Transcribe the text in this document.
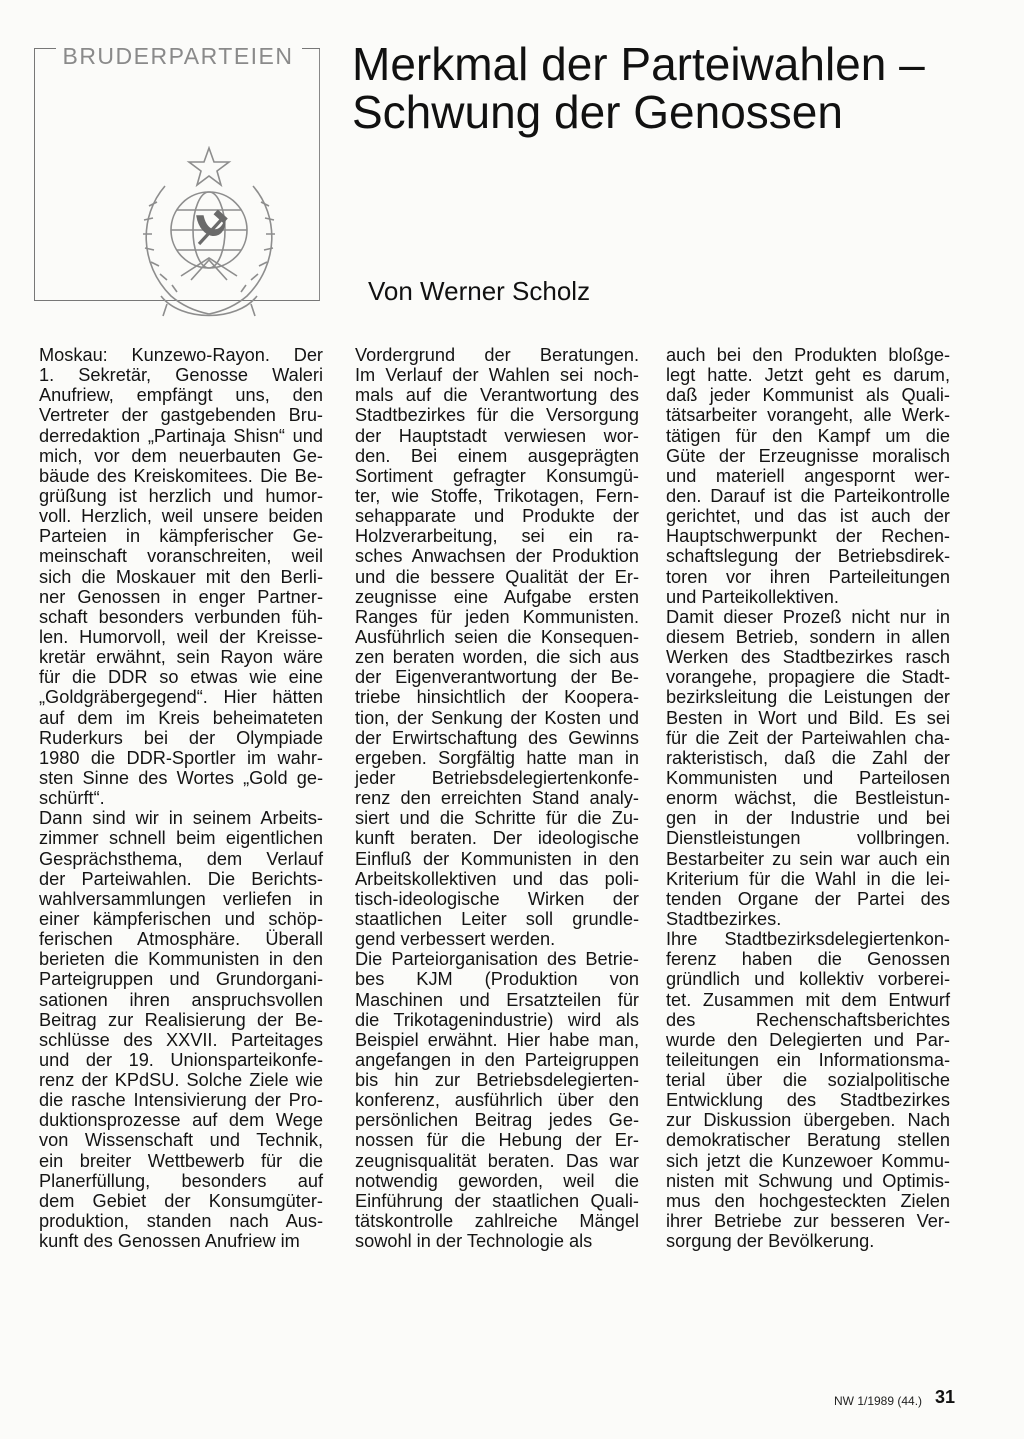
BRUDERPARTEIEN Merkmal der Parteiwahlen –
Schwung der Genossen
Von Werner Scholz
Moskau: Kunzewo-Rayon. Der
1. Sekretär, Genosse Waleri
Anufriew, empfängt uns, den
Vertreter der gastgebenden Bru-
derredaktion „Partinaja Shisn“ und
mich, vor dem neuerbauten Ge-
bäude des Kreiskomitees. Die Be-
grüßung ist herzlich und humor-
voll. Herzlich, weil unsere beiden
Parteien in kämpferischer Ge-
meinschaft voranschreiten, weil
sich die Moskauer mit den Berli-
ner Genossen in enger Partner-
schaft besonders verbunden füh-
len. Humorvoll, weil der Kreisse-
kretär erwähnt, sein Rayon wäre
für die DDR so etwas wie eine
„Goldgräbergegend“. Hier hätten
auf dem im Kreis beheimateten
Ruderkurs bei der Olympiade
1980 die DDR-Sportler im wahr-
sten Sinne des Wortes „Gold ge-
schürft“.
Dann sind wir in seinem Arbeits-
zimmer schnell beim eigentlichen
Gesprächsthema, dem Verlauf
der Parteiwahlen. Die Berichts-
wahlversammlungen verliefen in
einer kämpferischen und schöp-
ferischen Atmosphäre. Überall
berieten die Kommunisten in den
Parteigruppen und Grundorgani-
sationen ihren anspruchsvollen
Beitrag zur Realisierung der Be-
schlüsse des XXVII. Parteitages
und der 19. Unionsparteikonfe-
renz der KPdSU. Solche Ziele wie
die rasche Intensivierung der Pro-
duktionsprozesse auf dem Wege
von Wissenschaft und Technik,
ein breiter Wettbewerb für die
Planerfüllung, besonders auf
dem Gebiet der Konsumgüter-
produktion, standen nach Aus-
kunft des Genossen Anufriew im
Vordergrund der Beratungen.
Im Verlauf der Wahlen sei noch-
mals auf die Verantwortung des
Stadtbezirkes für die Versorgung
der Hauptstadt verwiesen wor-
den. Bei einem ausgeprägten
Sortiment gefragter Konsumgü-
ter, wie Stoffe, Trikotagen, Fern-
sehapparate und Produkte der
Holzverarbeitung, sei ein ra-
sches Anwachsen der Produktion
und die bessere Qualität der Er-
zeugnisse eine Aufgabe ersten
Ranges für jeden Kommunisten.
Ausführlich seien die Konsequen-
zen beraten worden, die sich aus
der Eigenverantwortung der Be-
triebe hinsichtlich der Koopera-
tion, der Senkung der Kosten und
der Erwirtschaftung des Gewinns
ergeben. Sorgfältig hatte man in
jeder Betriebsdelegiertenkonfe-
renz den erreichten Stand analy-
siert und die Schritte für die Zu-
kunft beraten. Der ideologische
Einfluß der Kommunisten in den
Arbeitskollektiven und das poli-
tisch-ideologische Wirken der
staatlichen Leiter soll grundle-
gend verbessert werden.
Die Parteiorganisation des Betrie-
bes KJM (Produktion von
Maschinen und Ersatzteilen für
die Trikotagenindustrie) wird als
Beispiel erwähnt. Hier habe man,
angefangen in den Parteigruppen
bis hin zur Betriebsdelegierten-
konferenz, ausführlich über den
persönlichen Beitrag jedes Ge-
nossen für die Hebung der Er-
zeugnisqualität beraten. Das war
notwendig geworden, weil die
Einführung der staatlichen Quali-
tätskontrolle zahlreiche Mängel
sowohl in der Technologie als
auch bei den Produkten bloßge-
legt hatte. Jetzt geht es darum,
daß jeder Kommunist als Quali-
tätsarbeiter vorangeht, alle Werk-
tätigen für den Kampf um die
Güte der Erzeugnisse moralisch
und materiell angespornt wer-
den. Darauf ist die Parteikontrolle
gerichtet, und das ist auch der
Hauptschwerpunkt der Rechen-
schaftslegung der Betriebsdirek-
toren vor ihren Parteileitungen
und Parteikollektiven.
Damit dieser Prozeß nicht nur in
diesem Betrieb, sondern in allen
Werken des Stadtbezirkes rasch
vorangehe, propagiere die Stadt-
bezirksleitung die Leistungen der
Besten in Wort und Bild. Es sei
für die Zeit der Parteiwahlen cha-
rakteristisch, daß die Zahl der
Kommunisten und Parteilosen
enorm wächst, die Bestleistun-
gen in der Industrie und bei
Dienstleistungen vollbringen.
Bestarbeiter zu sein war auch ein
Kriterium für die Wahl in die lei-
tenden Organe der Partei des
Stadtbezirkes.
Ihre Stadtbezirksdelegiertenkon-
ferenz haben die Genossen
gründlich und kollektiv vorberei-
tet. Zusammen mit dem Entwurf
des Rechenschaftsberichtes
wurde den Delegierten und Par-
teileitungen ein Informationsma-
terial über die sozialpolitische
Entwicklung des Stadtbezirkes
zur Diskussion übergeben. Nach
demokratischer Beratung stellen
sich jetzt die Kunzewoer Kommu-
nisten mit Schwung und Optimis-
mus den hochgesteckten Zielen
ihrer Betriebe zur besseren Ver-
sorgung der Bevölkerung.
NW 1/1989 (44.) 31
